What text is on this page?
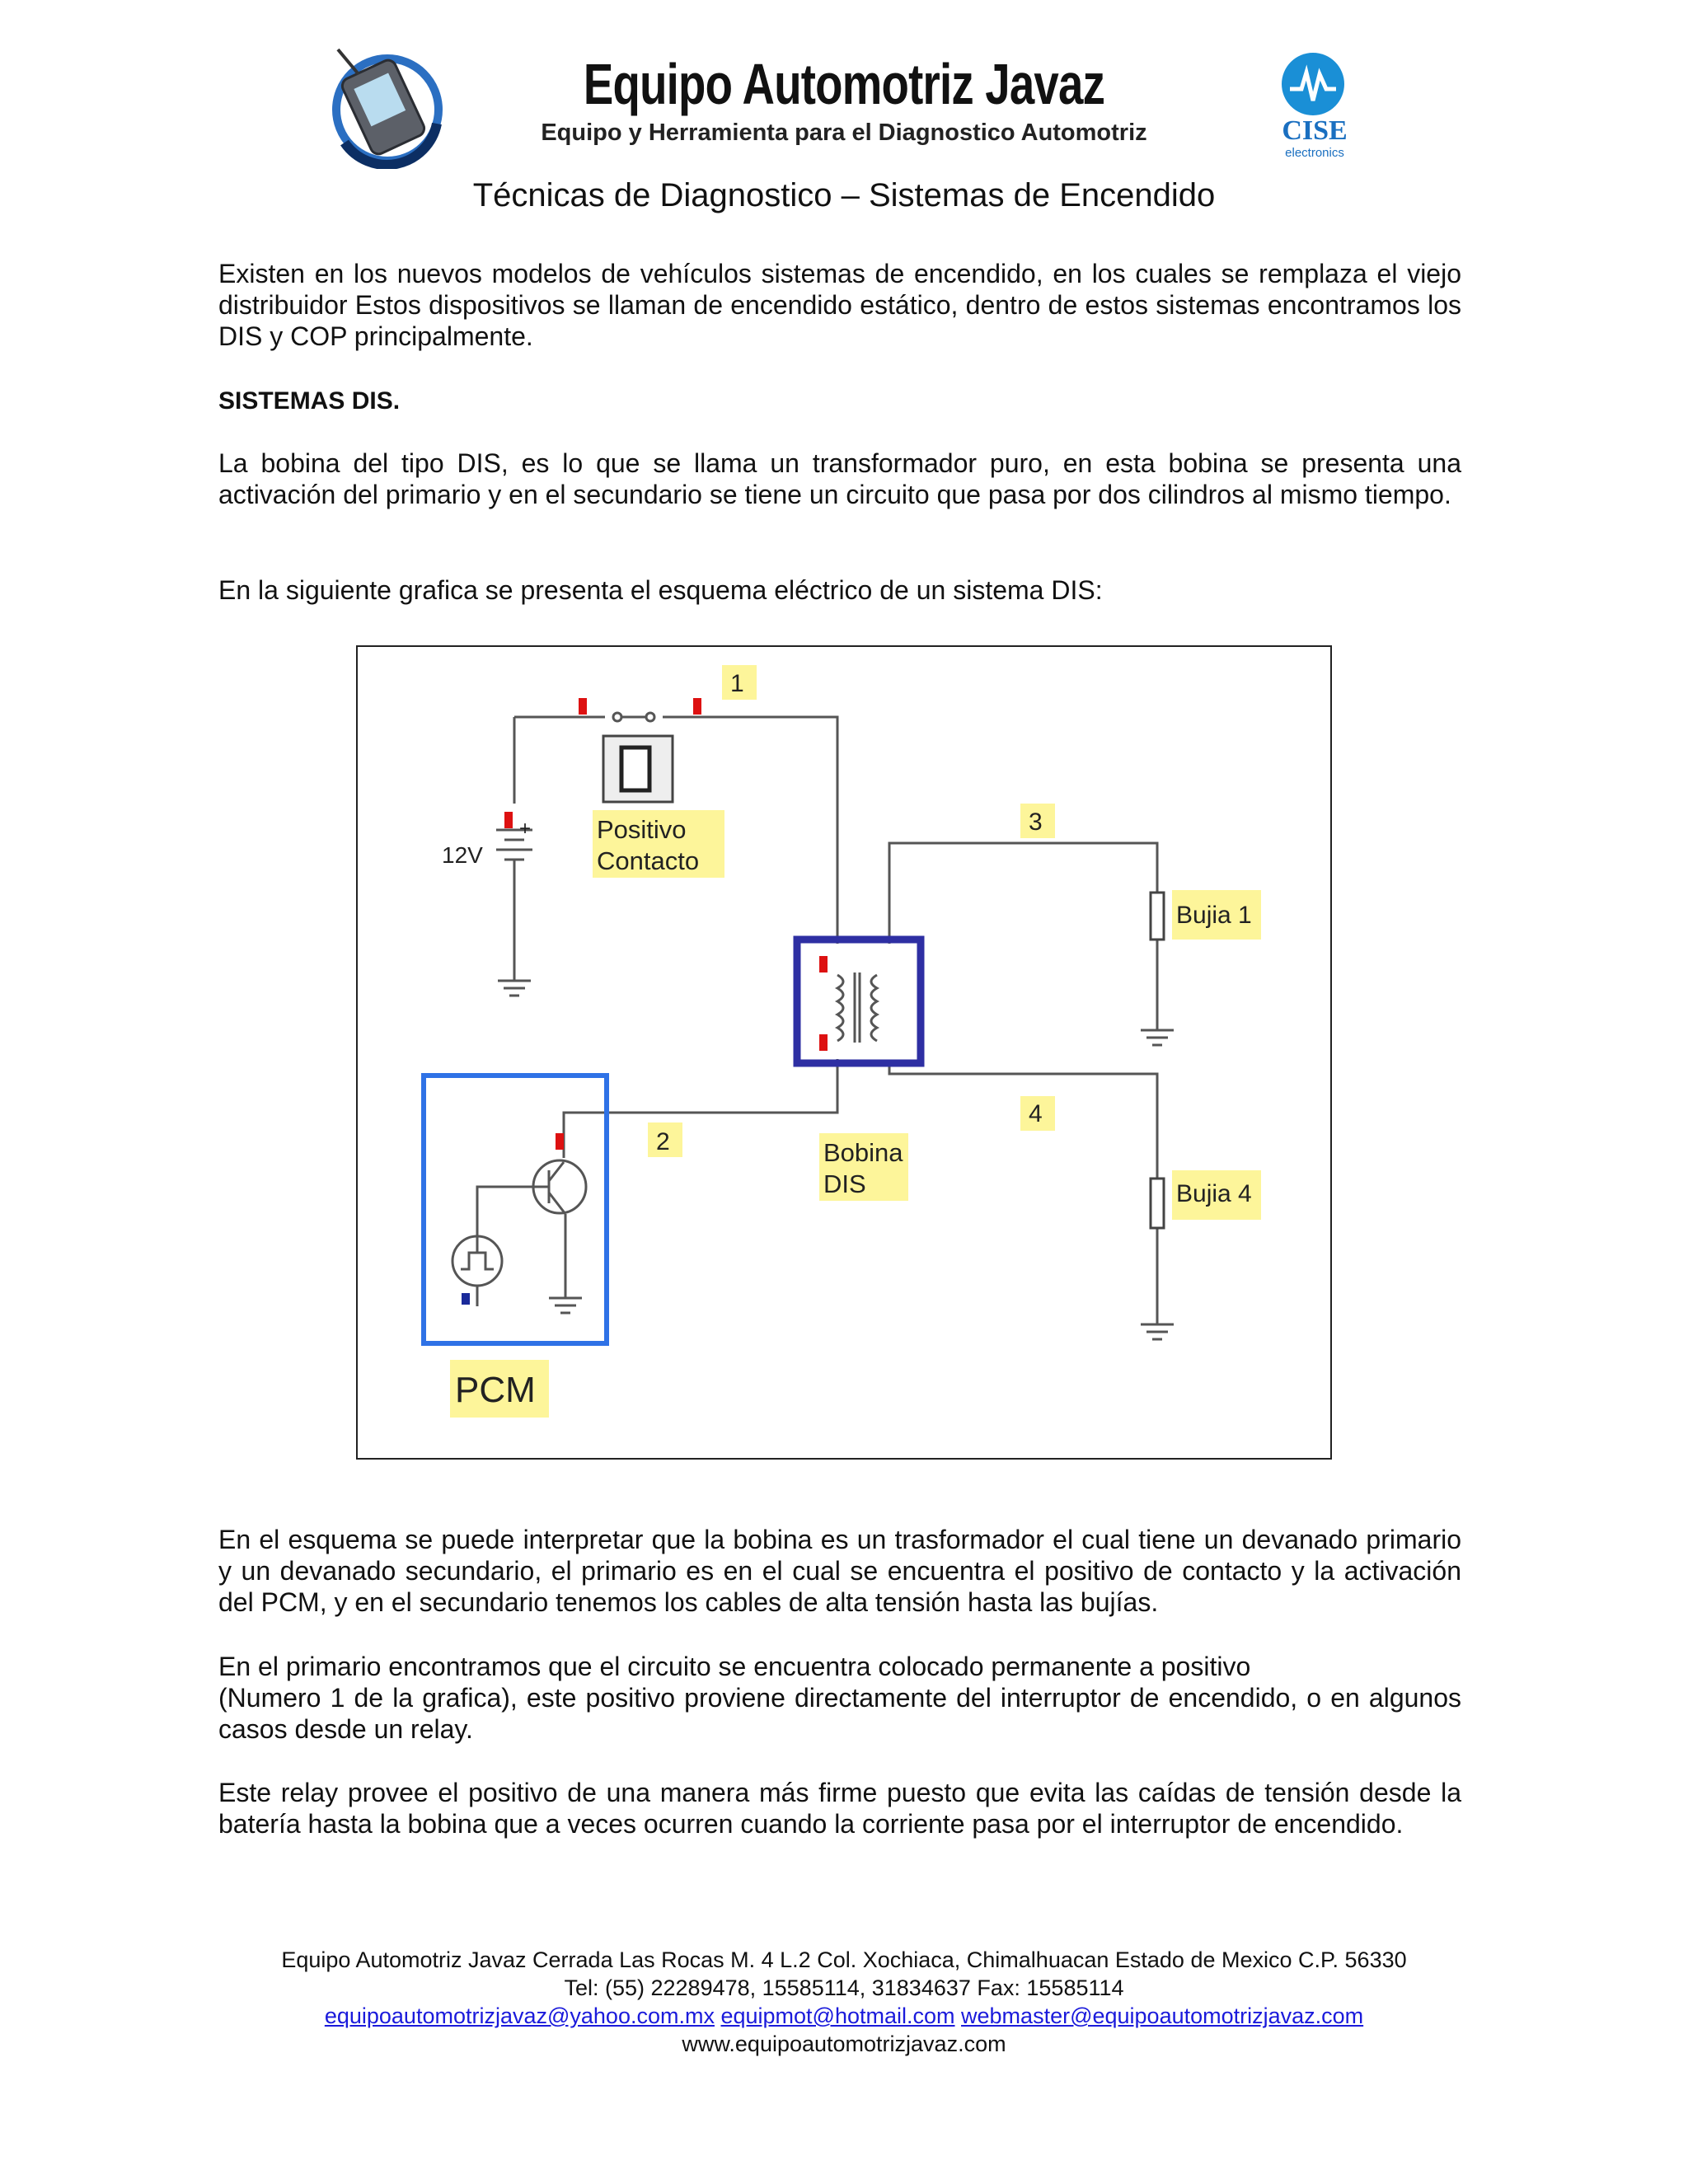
Equipo Automotriz Javaz
Equipo y Herramienta para el Diagnostico Automotriz	CISE
electronics
Técnicas de Diagnostico – Sistemas de Encendido
Existen en los nuevos modelos de vehículos sistemas de encendido, en los cuales se remplaza el viejo distribuidor Estos dispositivos se llaman de encendido estático, dentro de estos sistemas encontramos los DIS y COP principalmente.
SISTEMAS DIS.
La bobina del tipo DIS, es lo que se llama un transformador puro, en esta bobina se presenta una activación del primario y en el secundario se tiene un circuito que pasa por dos cilindros al mismo tiempo.
En la siguiente grafica se presenta el esquema eléctrico de un sistema DIS:
1
3
4
2
12V
+	Positivo
Contacto
Bujia 1
Bujia 4
Bobina
DIS
PCM
En el esquema se puede interpretar que la bobina es un trasformador el cual tiene un devanado primario y un devanado secundario, el primario es en el cual se encuentra el positivo de contacto y la activación del PCM, y en el secundario tenemos los cables de alta tensión hasta las bujías.
En el primario encontramos que el circuito se encuentra colocado permanente a positivo
(Numero 1 de la grafica), este positivo proviene directamente del interruptor de encendido, o en algunos casos desde un relay.
Este relay provee el positivo de una manera más firme puesto que evita las caídas de tensión desde la batería hasta la bobina que a veces ocurren cuando la corriente pasa por el interruptor de encendido.
Equipo Automotriz Javaz Cerrada Las Rocas M. 4 L.2 Col. Xochiaca, Chimalhuacan Estado de Mexico C.P. 56330
Tel: (55) 22289478, 15585114, 31834637 Fax: 15585114
equipoautomotrizjavaz@yahoo.com.mx equipmot@hotmail.com webmaster@equipoautomotrizjavaz.com
www.equipoautomotrizjavaz.com
